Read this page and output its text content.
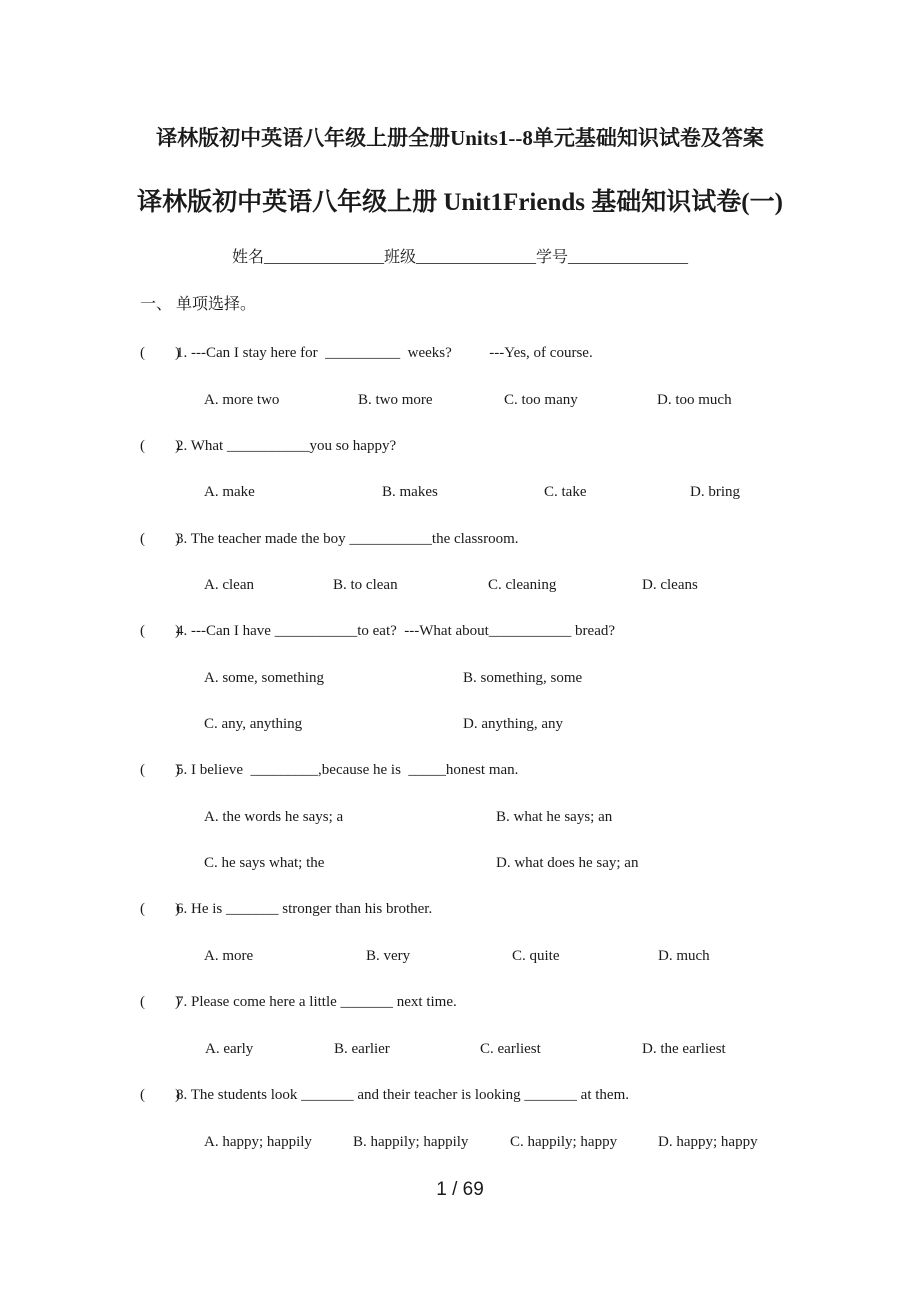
译林版初中英语八年级上册全册Units1--8单元基础知识试卷及答案
译林版初中英语八年级上册 Unit1Friends 基础知识试卷(一)
姓名_______________班级_______________学号_______________
一、 单项选择。
(        )
1. ---Can I stay here for  __________  weeks?          ---Yes, of course.
A. more two	B. two more	C. too many	D. too much
(        )
2. What ___________you so happy?
A. make	B. makes	C. take	D. bring
(        )
3. The teacher made the boy ___________the classroom.
A. clean	B. to clean	C. cleaning	D. cleans
(        )
4. ---Can I have ___________to eat?  ---What about___________ bread?
A. some, something	B. something, some
C. any, anything	D. anything, any
(        )
5. I believe  _________,because he is  _____honest man.
A. the words he says; a	B. what he says; an
C. he says what; the	D. what does he say; an
(        )
6. He is _______ stronger than his brother.
A. more	B. very	C. quite	D. much
(        )
7. Please come here a little _______ next time.
A. early	B. earlier	C. earliest	D. the earliest
(        )
8. The students look _______ and their teacher is looking _______ at them.
A. happy; happily	B. happily; happily	C. happily; happy	D. happy; happy
1 / 69
